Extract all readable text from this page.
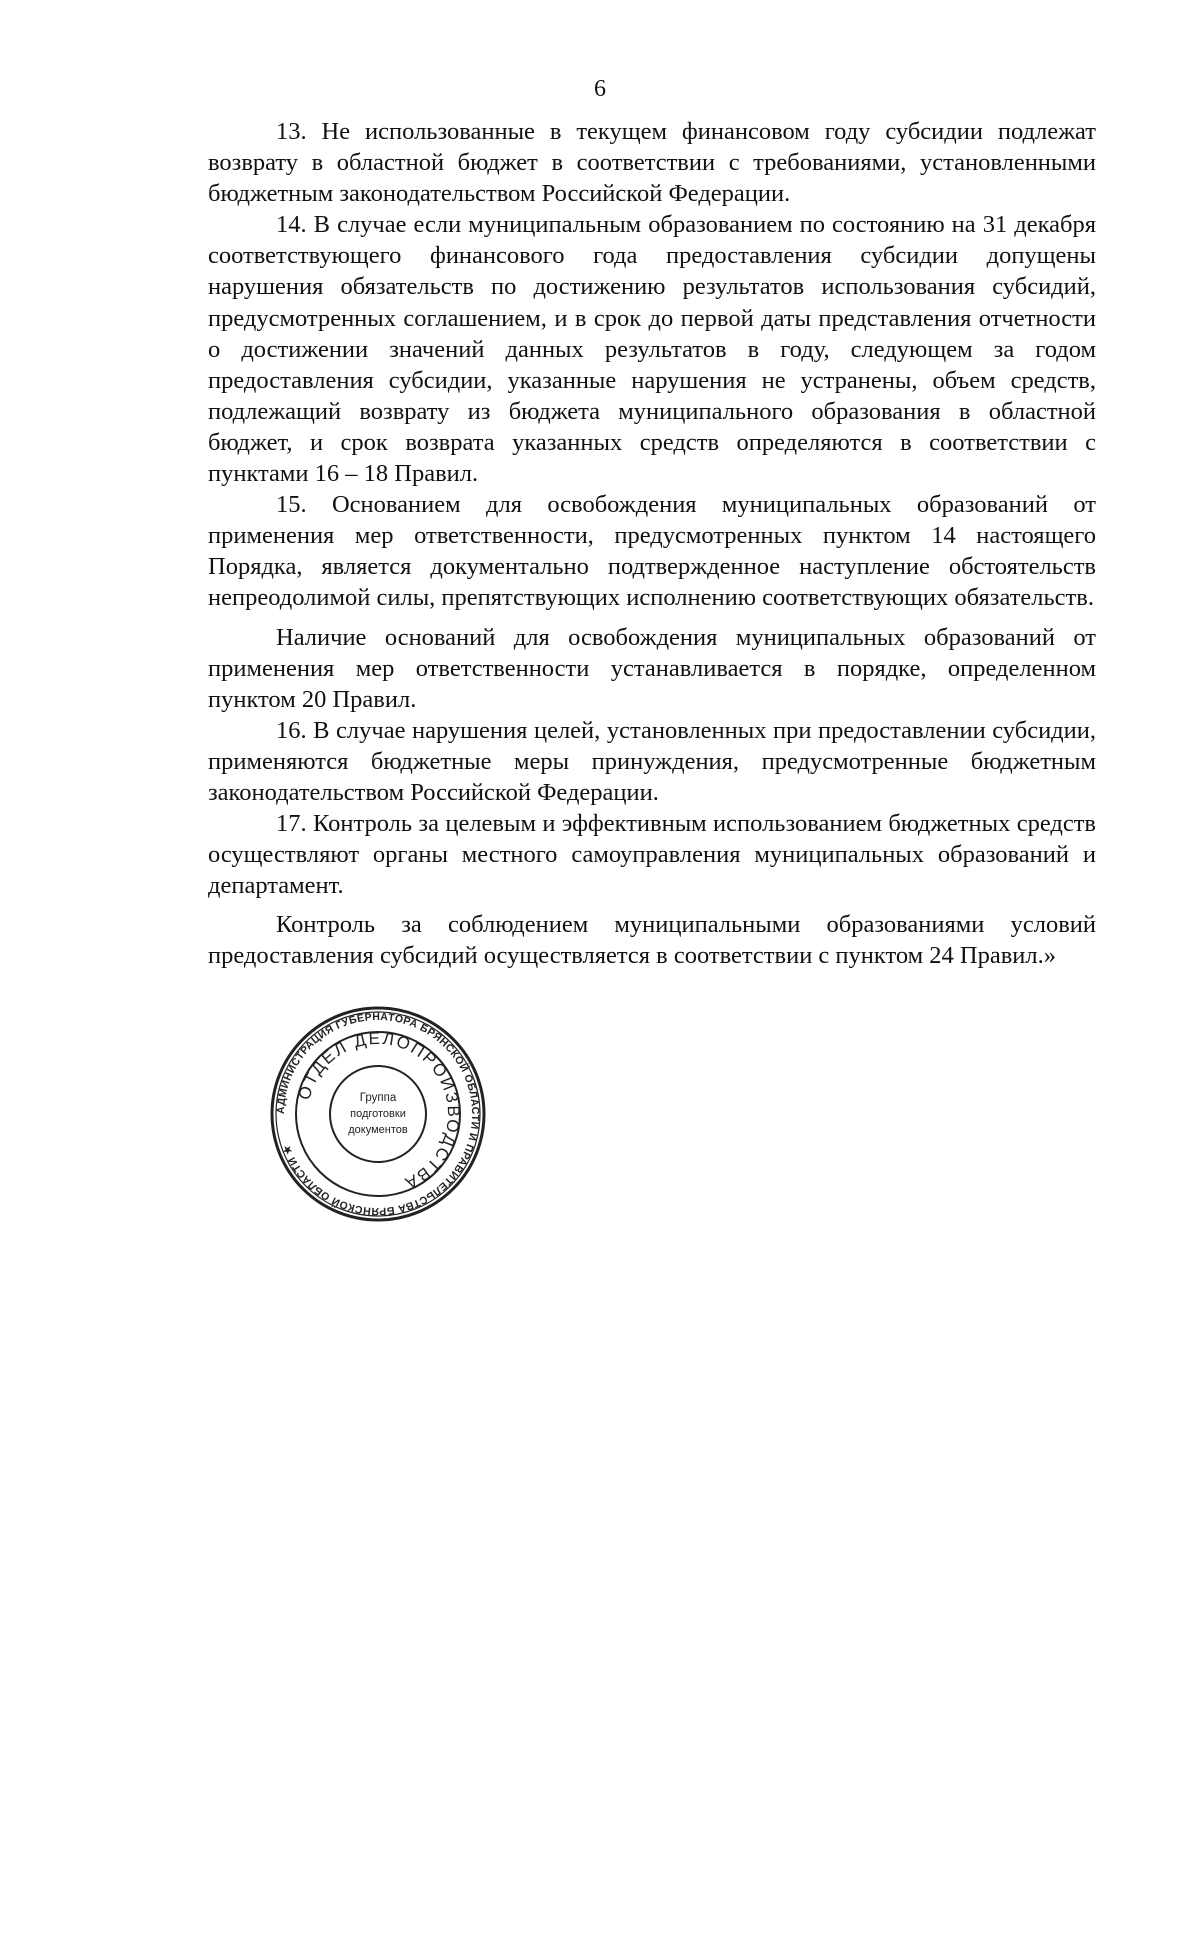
6

13. Не использованные в текущем финансовом году субсидии подлежат возврату в областной бюджет в соответствии с требованиями, установленными бюджетным законодательством Российской Федерации.

14. В случае если муниципальным образованием по состоянию на 31 декабря соответствующего финансового года предоставления субсидии допущены нарушения обязательств по достижению результатов использования субсидий, предусмотренных соглашением, и в срок до первой даты представления отчетности о достижении значений данных результатов в году, следующем за годом предоставления субсидии, указанные нарушения не устранены, объем средств, подлежащий возврату из бюджета муниципального образования в областной бюджет, и срок возврата указанных средств определяются в соответствии с пунктами 16 – 18 Правил.

15. Основанием для освобождения муниципальных образований от применения мер ответственности, предусмотренных пунктом 14 настоящего Порядка, является документально подтвержденное наступление обстоятельств непреодолимой силы, препятствующих исполнению соответствующих обязательств.

Наличие оснований для освобождения муниципальных образований от применения мер ответственности устанавливается в порядке, определенном пунктом 20 Правил.

16. В случае нарушения целей, установленных при предоставлении субсидии, применяются бюджетные меры принуждения, предусмотренные бюджетным законодательством Российской Федерации.

17. Контроль за целевым и эффективным использованием бюджетных средств осуществляют органы местного самоуправления муниципальных образований и департамент.

Контроль за соблюдением муниципальными образованиями условий предоставления субсидий осуществляется в соответствии с пунктом 24 Правил.»

АДМИНИСТРАЦИЯ ГУБЕРНАТОРА БРЯНСКОЙ ОБЛАСТИ И ПРАВИТЕЛЬСТВА БРЯНСКОЙ ОБЛАСТИ ★
ОТДЕЛ ДЕЛОПРОИЗВОДСТВА
Группа
подготовки
документов
